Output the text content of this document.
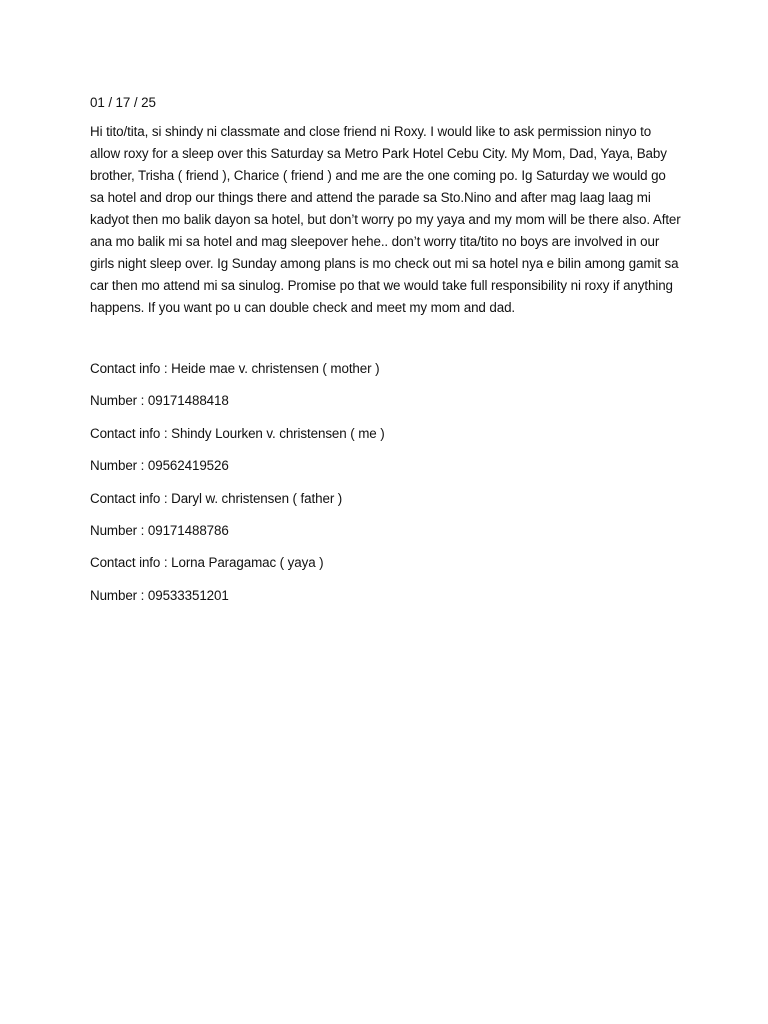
01 / 17 / 25

Hi tito/tita, si shindy ni classmate and close friend ni Roxy. I would like to ask permission ninyo to allow roxy for a sleep over this Saturday sa Metro Park Hotel Cebu City. My Mom, Dad, Yaya, Baby brother, Trisha ( friend ), Charice ( friend ) and me are the one coming po. Ig Saturday we would go sa hotel and drop our things there and attend the parade sa Sto.Nino and after mag laag laag mi kadyot then mo balik dayon sa hotel, but don’t worry po my yaya and my mom will be there also. After ana mo balik mi sa hotel and mag sleepover hehe.. don’t worry tita/tito no boys are involved in our girls night sleep over. Ig Sunday among plans is mo check out mi sa hotel nya e bilin among gamit sa car then mo attend mi sa sinulog. Promise po that we would take full responsibility ni roxy if anything happens. If you want po u can double check and meet my mom and dad.

Contact info : Heide mae v. christensen ( mother )

Number : 09171488418

Contact info : Shindy Lourken v. christensen ( me )

Number : 09562419526

Contact info : Daryl w. christensen ( father )

Number : 09171488786

Contact info : Lorna Paragamac ( yaya )

Number : 09533351201
